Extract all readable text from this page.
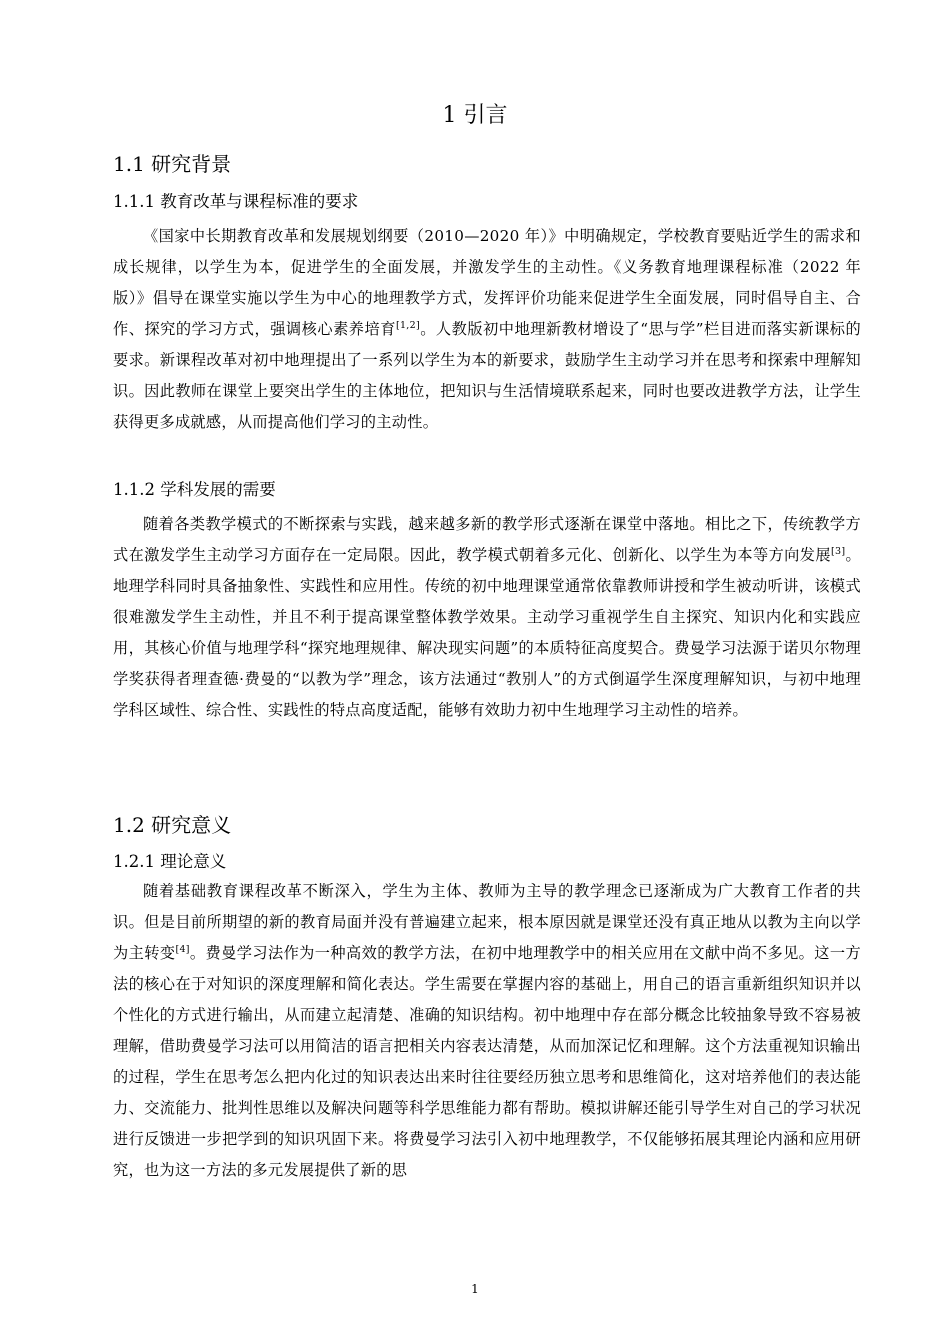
1 引言
1.1 研究背景
1.1.1 教育改革与课程标准的要求

《国家中长期教育改革和发展规划纲要（2010—2020 年）》中明确规定，学校教育要贴近学生的需求和成长规律，以学生为本，促进学生的全面发展，并激发学生的主动性。《义务教育地理课程标准（2022 年版）》倡导在课堂实施以学生为中心的地理教学方式，发挥评价功能来促进学生全面发展，同时倡导自主、合作、探究的学习方式，强调核心素养培育[1,2]。人教版初中地理新教材增设了“思与学”栏目进而落实新课标的要求。新课程改革对初中地理提出了一系列以学生为本的新要求，鼓励学生主动学习并在思考和探索中理解知识。因此教师在课堂上要突出学生的主体地位，把知识与生活情境联系起来，同时也要改进教学方法，让学生获得更多成就感，从而提高他们学习的主动性。

1.1.2 学科发展的需要

随着各类教学模式的不断探索与实践，越来越多新的教学形式逐渐在课堂中落地。相比之下，传统教学方式在激发学生主动学习方面存在一定局限。因此，教学模式朝着多元化、创新化、以学生为本等方向发展[3]。地理学科同时具备抽象性、实践性和应用性。传统的初中地理课堂通常依靠教师讲授和学生被动听讲，该模式很难激发学生主动性，并且不利于提高课堂整体教学效果。主动学习重视学生自主探究、知识内化和实践应用，其核心价值与地理学科“探究地理规律、解决现实问题”的本质特征高度契合。费曼学习法源于诺贝尔物理学奖获得者理查德·费曼的“以教为学”理念，该方法通过“教别人”的方式倒逼学生深度理解知识，与初中地理学科区域性、综合性、实践性的特点高度适配，能够有效助力初中生地理学习主动性的培养。

1.2 研究意义
1.2.1 理论意义

随着基础教育课程改革不断深入，学生为主体、教师为主导的教学理念已逐渐成为广大教育工作者的共识。但是目前所期望的新的教育局面并没有普遍建立起来，根本原因就是课堂还没有真正地从以教为主向以学为主转变[4]。费曼学习法作为一种高效的教学方法，在初中地理教学中的相关应用在文献中尚不多见。这一方法的核心在于对知识的深度理解和简化表达。学生需要在掌握内容的基础上，用自己的语言重新组织知识并以个性化的方式进行输出，从而建立起清楚、准确的知识结构。初中地理中存在部分概念比较抽象导致不容易被理解，借助费曼学习法可以用简洁的语言把相关内容表达清楚，从而加深记忆和理解。这个方法重视知识输出的过程，学生在思考怎么把内化过的知识表达出来时往往要经历独立思考和思维简化，这对培养他们的表达能力、交流能力、批判性思维以及解决问题等科学思维能力都有帮助。模拟讲解还能引导学生对自己的学习状况进行反馈进一步把学到的知识巩固下来。将费曼学习法引入初中地理教学，不仅能够拓展其理论内涵和应用研究，也为这一方法的多元发展提供了新的思

1
